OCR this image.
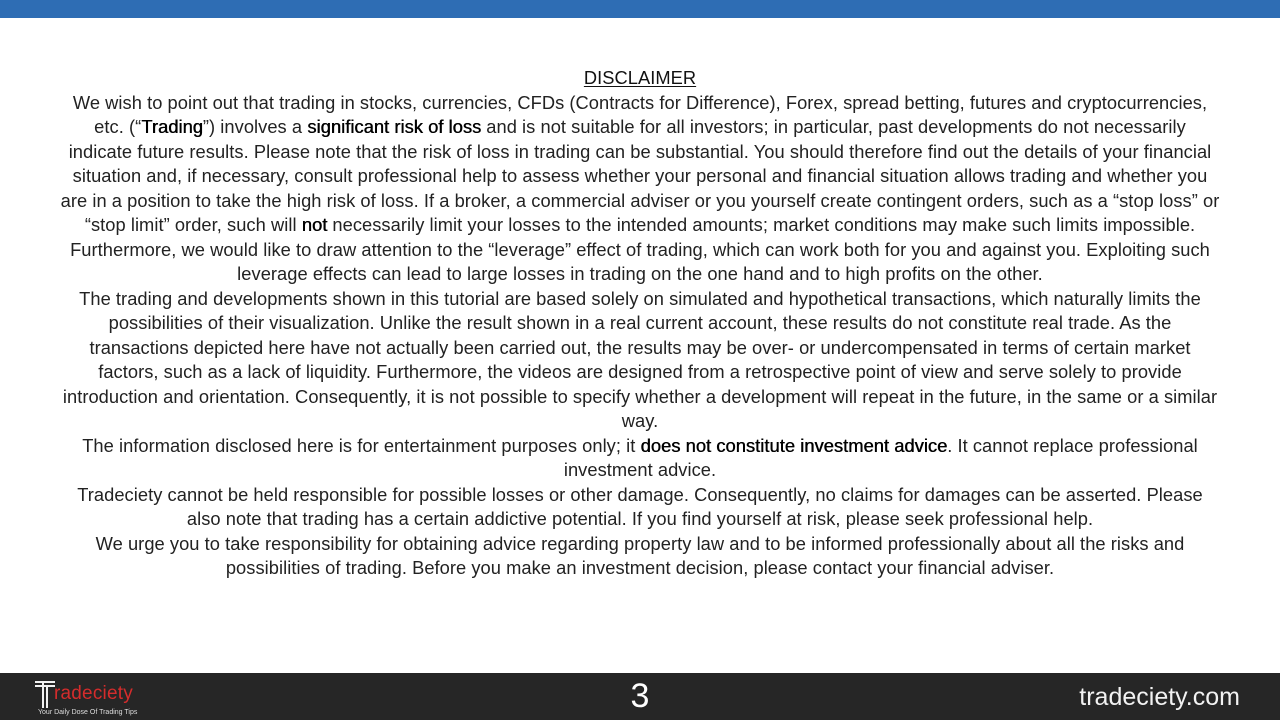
DISCLAIMER

We wish to point out that trading in stocks, currencies, CFDs (Contracts for Difference), Forex, spread betting, futures and cryptocurrencies, etc. (“Trading”) involves a significant risk of loss and is not suitable for all investors; in particular, past developments do not necessarily indicate future results. Please note that the risk of loss in trading can be substantial. You should therefore find out the details of your financial situation and, if necessary, consult professional help to assess whether your personal and financial situation allows trading and whether you are in a position to take the high risk of loss. If a broker, a commercial adviser or you yourself create contingent orders, such as a “stop loss” or “stop limit” order, such will not necessarily limit your losses to the intended amounts; market conditions may make such limits impossible.

Furthermore, we would like to draw attention to the “leverage” effect of trading, which can work both for you and against you. Exploiting such leverage effects can lead to large losses in trading on the one hand and to high profits on the other.

The trading and developments shown in this tutorial are based solely on simulated and hypothetical transactions, which naturally limits the possibilities of their visualization. Unlike the result shown in a real current account, these results do not constitute real trade. As the transactions depicted here have not actually been carried out, the results may be over- or undercompensated in terms of certain market factors, such as a lack of liquidity. Furthermore, the videos are designed from a retrospective point of view and serve solely to provide introduction and orientation. Consequently, it is not possible to specify whether a development will repeat in the future, in the same or a similar way.

The information disclosed here is for entertainment purposes only; it does not constitute investment advice. It cannot replace professional investment advice.

Tradeciety cannot be held responsible for possible losses or other damage. Consequently, no claims for damages can be asserted. Please also note that trading has a certain addictive potential. If you find yourself at risk, please seek professional help.

We urge you to take responsibility for obtaining advice regarding property law and to be informed professionally about all the risks and possibilities of trading. Before you make an investment decision, please contact your financial adviser.

radeciety
Your Daily Dose Of Trading Tips	3	tradeciety.com
